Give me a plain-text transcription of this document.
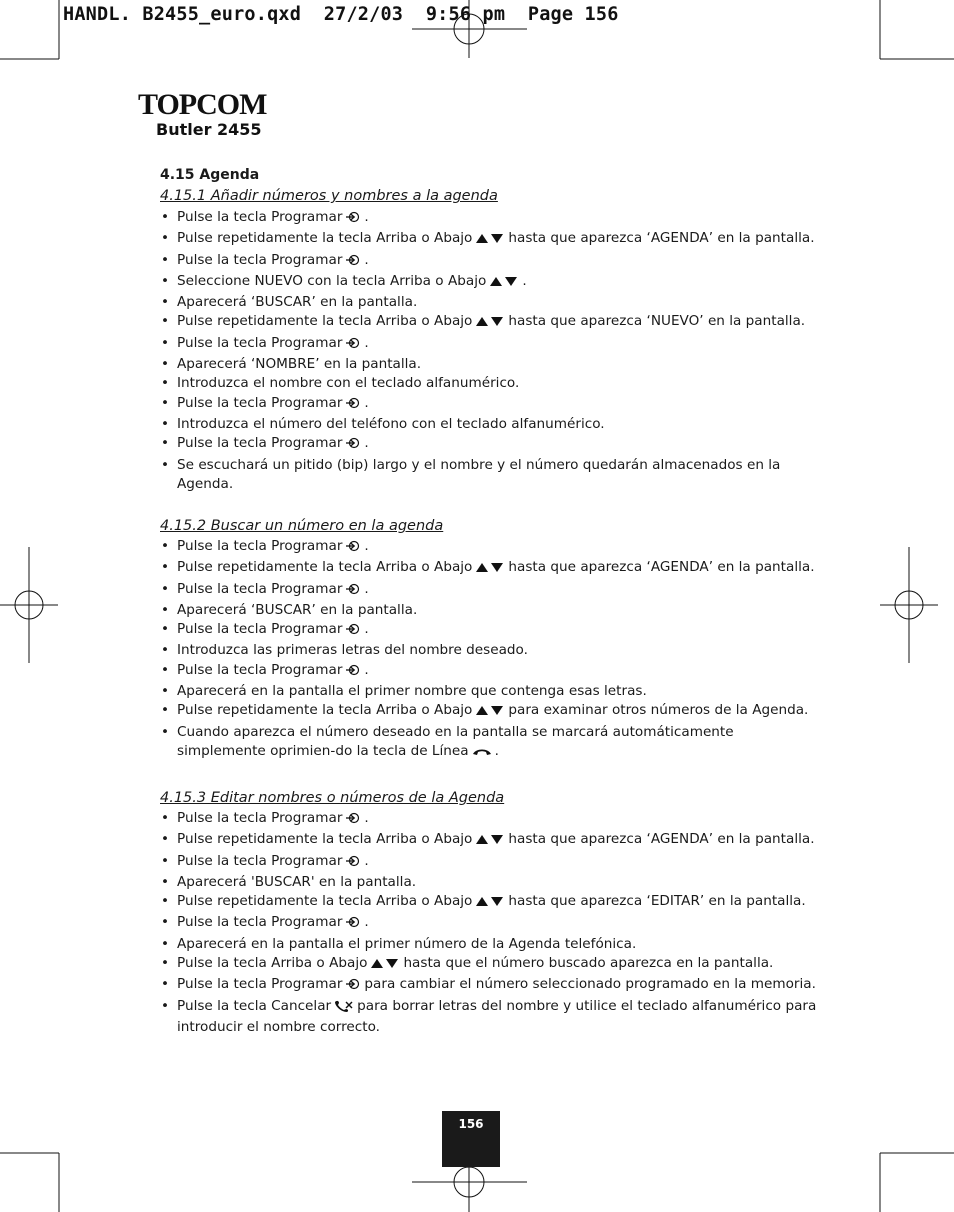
HANDL. B2455_euro.qxd  27/2/03  9:56 pm  Page 156
TOPCOM
Butler 2455
4.15 Agenda
4.15.1 Añadir números y nombres a la agenda
• Pulse la tecla Programar .
• Pulse repetidamente la tecla Arriba o Abajo	hasta que aparezca ‘AGENDA’ en la pantalla.
• Pulse la tecla Programar .
• Seleccione NUEVO con la tecla Arriba o Abajo	.
• Aparecerá ‘BUSCAR’ en la pantalla.
• Pulse repetidamente la tecla Arriba o Abajo	hasta que aparezca ‘NUEVO’ en la pantalla.
• Pulse la tecla Programar .
• Aparecerá ‘NOMBRE’ en la pantalla.
• Introduzca el nombre con el teclado alfanumérico.
• Pulse la tecla Programar .
• Introduzca el número del teléfono con el teclado alfanumérico.
• Pulse la tecla Programar .
• Se escuchará un pitido (bip) largo y el nombre y el número quedarán almacenados en la Agenda.
4.15.2 Buscar un número en la agenda
• Pulse la tecla Programar .
• Pulse repetidamente la tecla Arriba o Abajo	hasta que aparezca ‘AGENDA’ en la pantalla.
• Pulse la tecla Programar .
• Aparecerá ‘BUSCAR’ en la pantalla.
• Pulse la tecla Programar .
• Introduzca las primeras letras del nombre deseado.
• Pulse la tecla Programar .
• Aparecerá en la pantalla el primer nombre que contenga esas letras.
• Pulse repetidamente la tecla Arriba o Abajo	para examinar otros números de la Agenda.
• Cuando aparezca el número deseado en la pantalla se marcará automáticamente simplemente oprimien-do la tecla de Línea .
4.15.3 Editar nombres o números de la Agenda
• Pulse la tecla Programar .
• Pulse repetidamente la tecla Arriba o Abajo	hasta que aparezca ‘AGENDA’ en la pantalla.
• Pulse la tecla Programar .
• Aparecerá 'BUSCAR' en la pantalla.
• Pulse repetidamente la tecla Arriba o Abajo	hasta que aparezca ‘EDITAR’ en la pantalla.
• Pulse la tecla Programar .
• Aparecerá en la pantalla el primer número de la Agenda telefónica.
• Pulse la tecla Arriba o Abajo	hasta que el número buscado aparezca en la pantalla.
• Pulse la tecla Programar para cambiar el número seleccionado programado en la memoria.
• Pulse la tecla Cancelar para borrar letras del nombre y utilice el teclado alfanumérico para introducir el nombre correcto.
156
